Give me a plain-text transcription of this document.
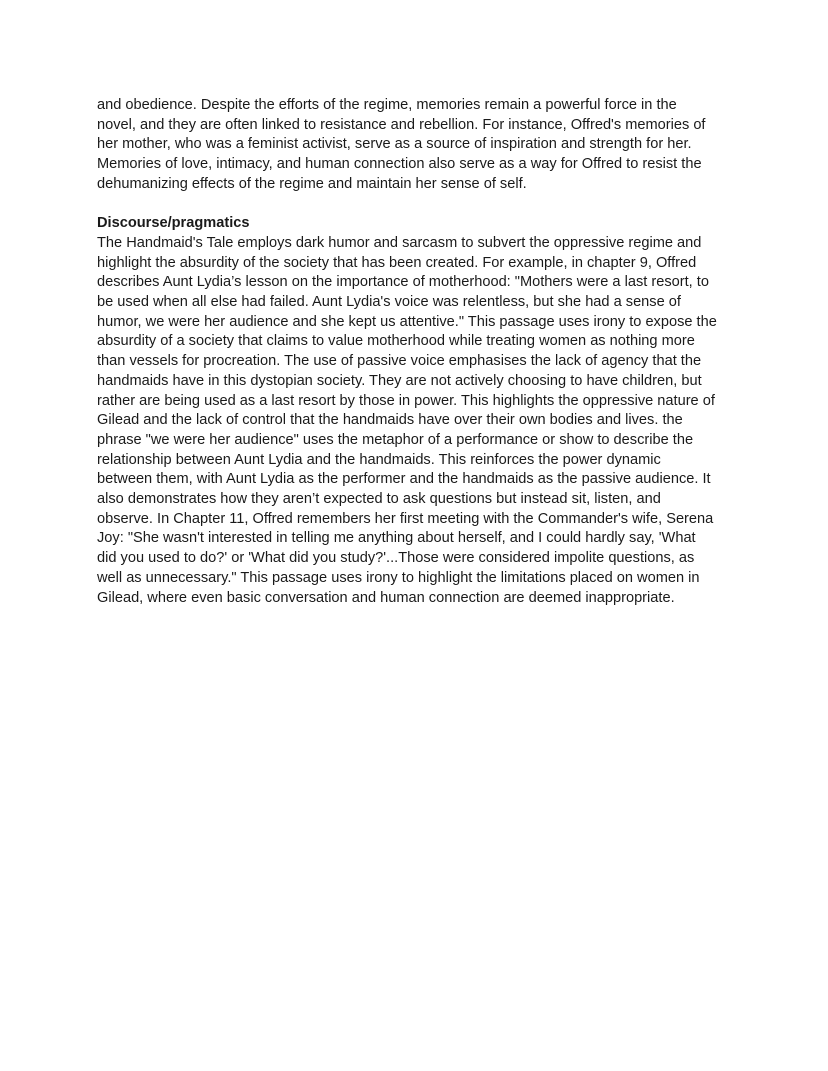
and obedience. Despite the efforts of the regime, memories remain a powerful force in the
novel, and they are often linked to resistance and rebellion. For instance, Offred's memories of
her mother, who was a feminist activist, serve as a source of inspiration and strength for her.
Memories of love, intimacy, and human connection also serve as a way for Offred to resist the
dehumanizing effects of the regime and maintain her sense of self.
Discourse/pragmatics
The Handmaid's Tale employs dark humor and sarcasm to subvert the oppressive regime and
highlight the absurdity of the society that has been created. For example, in chapter 9, Offred
describes Aunt Lydia’s lesson on the importance of motherhood: "Mothers were a last resort, to
be used when all else had failed. Aunt Lydia's voice was relentless, but she had a sense of
humor, we were her audience and she kept us attentive." This passage uses irony to expose the
absurdity of a society that claims to value motherhood while treating women as nothing more
than vessels for procreation. The use of passive voice emphasises the lack of agency that the
handmaids have in this dystopian society. They are not actively choosing to have children, but
rather are being used as a last resort by those in power. This highlights the oppressive nature of
Gilead and the lack of control that the handmaids have over their own bodies and lives. the
phrase "we were her audience" uses the metaphor of a performance or show to describe the
relationship between Aunt Lydia and the handmaids. This reinforces the power dynamic
between them, with Aunt Lydia as the performer and the handmaids as the passive audience. It
also demonstrates how they aren’t expected to ask questions but instead sit, listen, and
observe. In Chapter 11, Offred remembers her first meeting with the Commander's wife, Serena
Joy: "She wasn't interested in telling me anything about herself, and I could hardly say, 'What
did you used to do?' or 'What did you study?'...Those were considered impolite questions, as
well as unnecessary." This passage uses irony to highlight the limitations placed on women in
Gilead, where even basic conversation and human connection are deemed inappropriate.
